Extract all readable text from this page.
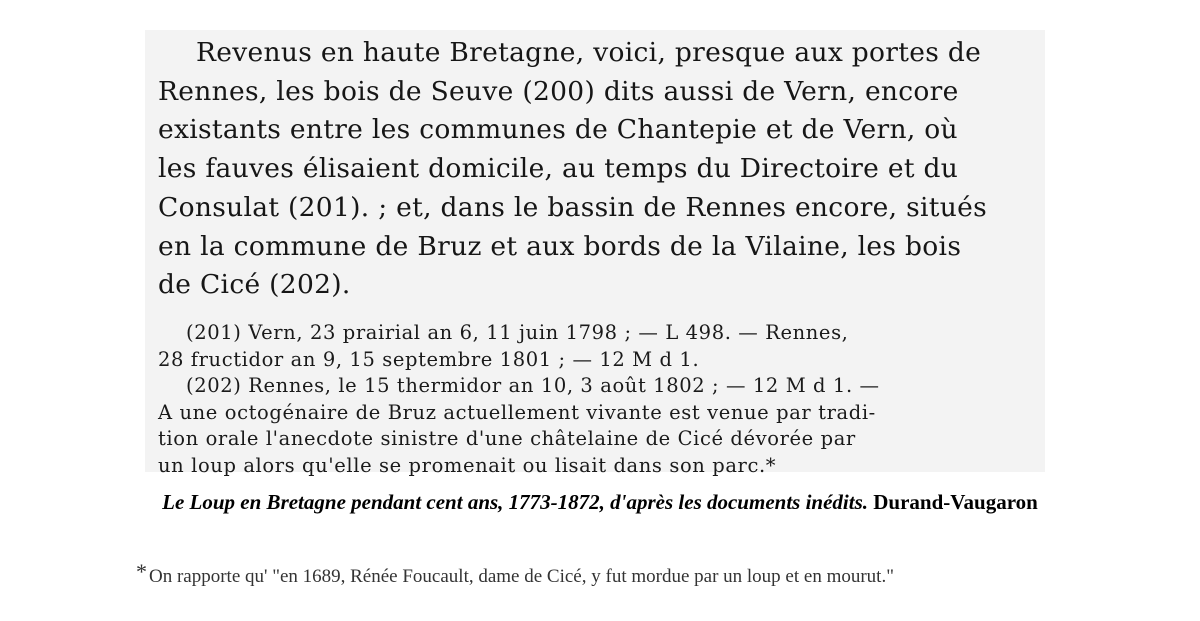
Revenus en haute Bretagne, voici, presque aux portes de
Rennes, les bois de Seuve (200) dits aussi de Vern, encore
existants entre les communes de Chantepie et de Vern, où
les fauves élisaient domicile, au temps du Directoire et du
Consulat (201). ; et, dans le bassin de Rennes encore, situés
en la commune de Bruz et aux bords de la Vilaine, les bois
de Cicé (202).

(201) Vern, 23 prairial an 6, 11 juin 1798 ; — L 498. — Rennes,
28 fructidor an 9, 15 septembre 1801 ; — 12 M d 1.
(202) Rennes, le 15 thermidor an 10, 3 août 1802 ; — 12 M d 1. —
A une octogénaire de Bruz actuellement vivante est venue par tradi-
tion orale l'anecdote sinistre d'une châtelaine de Cicé dévorée par
un loup alors qu'elle se promenait ou lisait dans son parc.*
Le Loup en Bretagne pendant cent ans, 1773-1872, d'après les documents inédits. Durand-Vaugaron
* On rapporte qu' "en 1689, Rénée Foucault, dame de Cicé, y fut mordue par un loup et en mourut."
